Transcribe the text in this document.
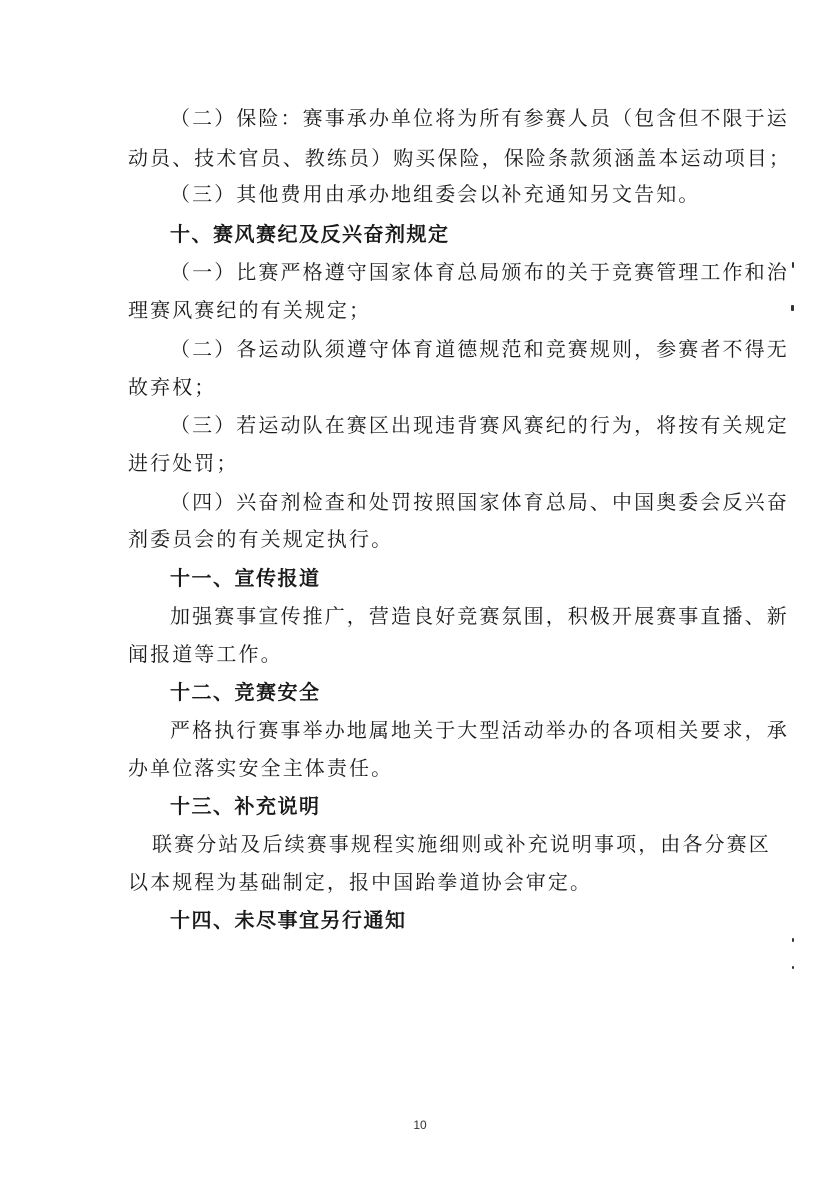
（二）保险：赛事承办单位将为所有参赛人员（包含但不限于运
动员、技术官员、教练员）购买保险，保险条款须涵盖本运动项目；
（三）其他费用由承办地组委会以补充通知另文告知。
十、赛风赛纪及反兴奋剂规定
（一）比赛严格遵守国家体育总局颁布的关于竞赛管理工作和治
理赛风赛纪的有关规定；
（二）各运动队须遵守体育道德规范和竞赛规则，参赛者不得无
故弃权；
（三）若运动队在赛区出现违背赛风赛纪的行为，将按有关规定
进行处罚；
（四）兴奋剂检查和处罚按照国家体育总局、中国奥委会反兴奋
剂委员会的有关规定执行。
十一、宣传报道
加强赛事宣传推广，营造良好竞赛氛围，积极开展赛事直播、新
闻报道等工作。
十二、竞赛安全
严格执行赛事举办地属地关于大型活动举办的各项相关要求，承
办单位落实安全主体责任。
十三、补充说明
联赛分站及后续赛事规程实施细则或补充说明事项，由各分赛区
以本规程为基础制定，报中国跆拳道协会审定。
十四、未尽事宜另行通知
10
